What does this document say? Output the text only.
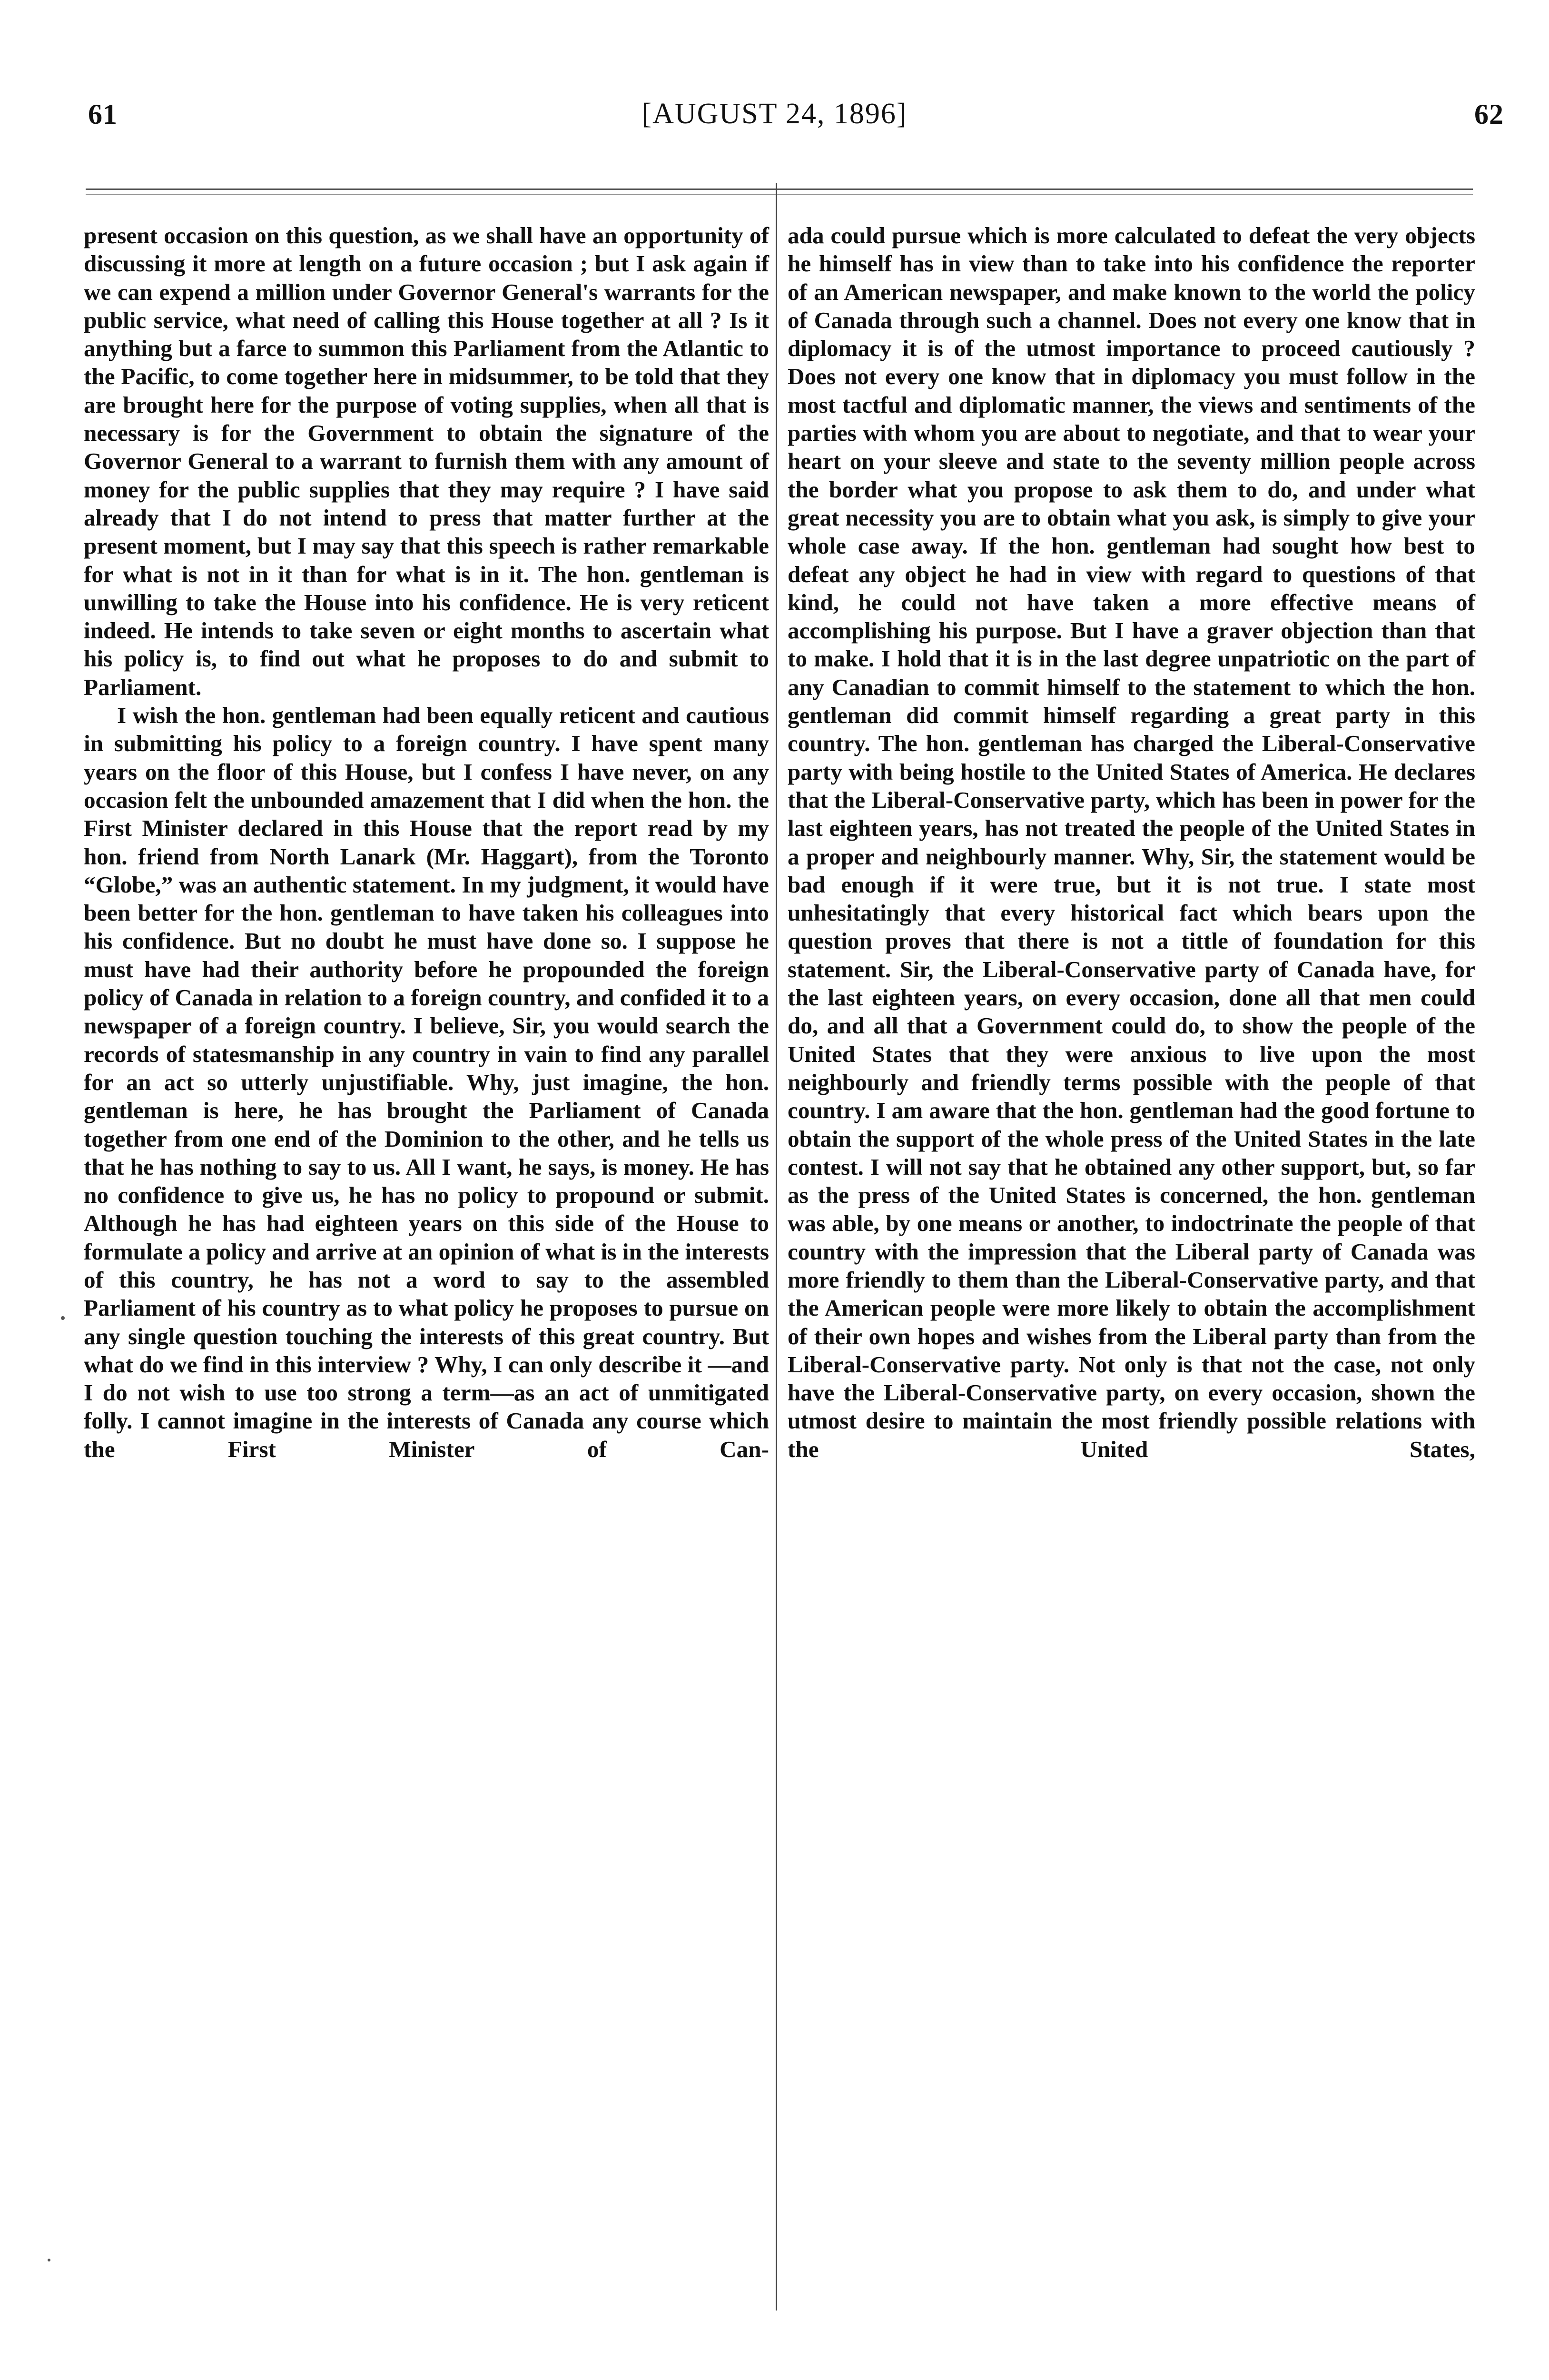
61	[AUGUST 24, 1896]	62

present occasion on this question, as we shall have an opportunity of discussing it more at length on a future occasion ; but I ask again if we can expend a million under Governor General's warrants for the public service, what need of calling this House together at all ? Is it anything but a farce to summon this Parliament from the Atlantic to the Pacific, to come together here in midsummer, to be told that they are brought here for the purpose of voting supplies, when all that is necessary is for the Government to obtain the signature of the Governor General to a warrant to furnish them with any amount of money for the public supplies that they may require ? I have said already that I do not intend to press that matter further at the present moment, but I may say that this speech is rather remarkable for what is not in it than for what is in it. The hon. gentleman is unwilling to take the House into his confidence. He is very reticent indeed. He intends to take seven or eight months to ascertain what his policy is, to find out what he proposes to do and submit to Parliament.

I wish the hon. gentleman had been equally reticent and cautious in submitting his policy to a foreign country. I have spent many years on the floor of this House, but I confess I have never, on any occasion felt the unbounded amazement that I did when the hon. the First Minister declared in this House that the report read by my hon. friend from North Lanark (Mr. Haggart), from the Toronto “Globe,” was an authentic statement. In my judgment, it would have been better for the hon. gentleman to have taken his colleagues into his confidence. But no doubt he must have done so. I suppose he must have had their authority before he propounded the foreign policy of Canada in relation to a foreign country, and confided it to a newspaper of a foreign country. I believe, Sir, you would search the records of statesmanship in any country in vain to find any parallel for an act so utterly unjustifiable. Why, just imagine, the hon. gentleman is here, he has brought the Parliament of Canada together from one end of the Dominion to the other, and he tells us that he has nothing to say to us. All I want, he says, is money. He has no confidence to give us, he has no policy to propound or submit. Although he has had eighteen years on this side of the House to formulate a policy and arrive at an opinion of what is in the interests of this country, he has not a word to say to the assembled Parliament of his country as to what policy he proposes to pursue on any single question touching the interests of this great country. But what do we find in this interview ? Why, I can only describe it —and I do not wish to use too strong a term—as an act of unmitigated folly. I cannot imagine in the interests of Canada any course which the First Minister of Can-

ada could pursue which is more calculated to defeat the very objects he himself has in view than to take into his confidence the reporter of an American newspaper, and make known to the world the policy of Canada through such a channel. Does not every one know that in diplomacy it is of the utmost importance to proceed cautiously ? Does not every one know that in diplomacy you must follow in the most tactful and diplomatic manner, the views and sentiments of the parties with whom you are about to negotiate, and that to wear your heart on your sleeve and state to the seventy million people across the border what you propose to ask them to do, and under what great necessity you are to obtain what you ask, is simply to give your whole case away. If the hon. gentleman had sought how best to defeat any object he had in view with regard to questions of that kind, he could not have taken a more effective means of accomplishing his purpose. But I have a graver objection than that to make. I hold that it is in the last degree unpatriotic on the part of any Canadian to commit himself to the statement to which the hon. gentleman did commit himself regarding a great party in this country. The hon. gentleman has charged the Liberal-Conservative party with being hostile to the United States of America. He declares that the Liberal-Conservative party, which has been in power for the last eighteen years, has not treated the people of the United States in a proper and neighbourly manner. Why, Sir, the statement would be bad enough if it were true, but it is not true. I state most unhesitatingly that every historical fact which bears upon the question proves that there is not a tittle of foundation for this statement. Sir, the Liberal-Conservative party of Canada have, for the last eighteen years, on every occasion, done all that men could do, and all that a Government could do, to show the people of the United States that they were anxious to live upon the most neighbourly and friendly terms possible with the people of that country. I am aware that the hon. gentleman had the good fortune to obtain the support of the whole press of the United States in the late contest. I will not say that he obtained any other support, but, so far as the press of the United States is concerned, the hon. gentleman was able, by one means or another, to indoctrinate the people of that country with the impression that the Liberal party of Canada was more friendly to them than the Liberal-Conservative party, and that the American people were more likely to obtain the accomplishment of their own hopes and wishes from the Liberal party than from the Liberal-Conservative party. Not only is that not the case, not only have the Liberal-Conservative party, on every occasion, shown the utmost desire to maintain the most friendly possible relations with the United States,
